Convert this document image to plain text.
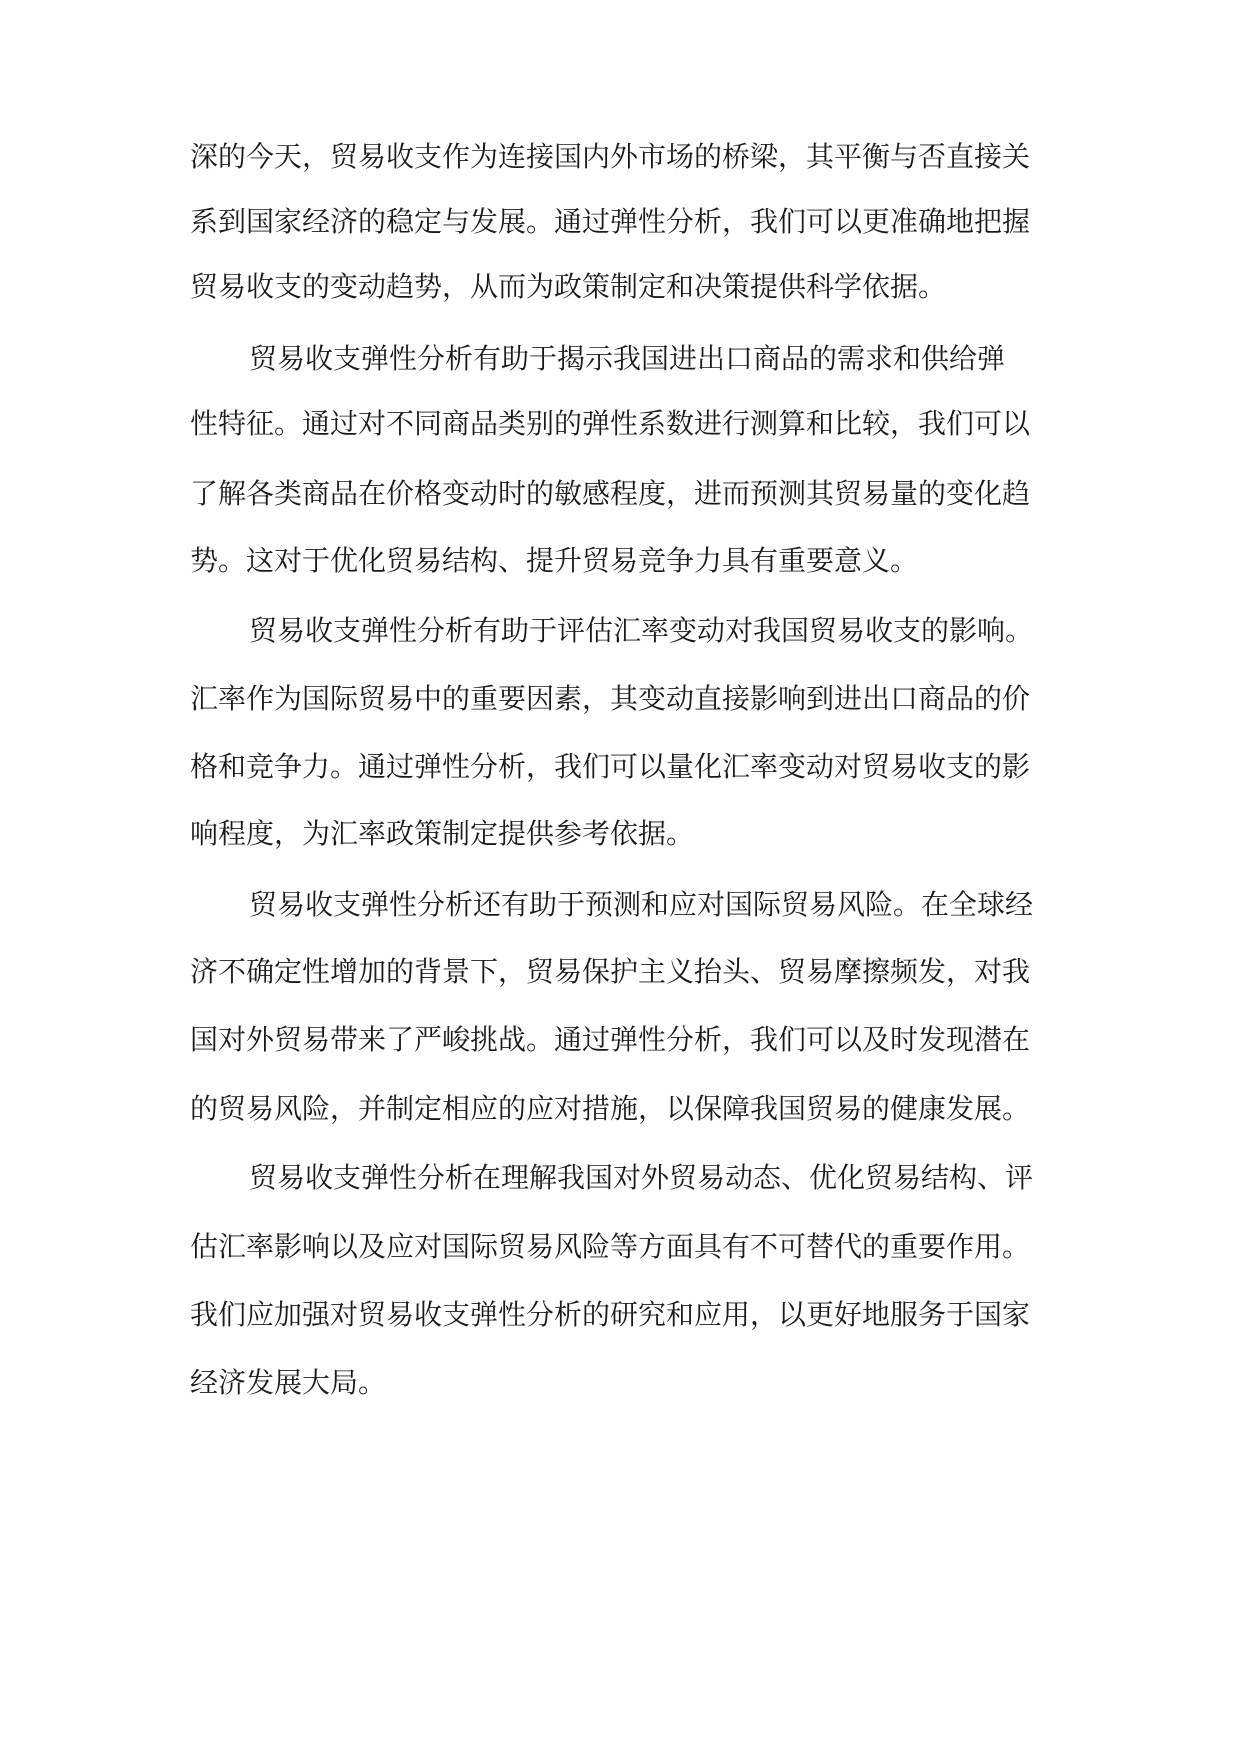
深的今天，贸易收支作为连接国内外市场的桥梁，其平衡与否直接关
系到国家经济的稳定与发展。通过弹性分析，我们可以更准确地把握
贸易收支的变动趋势，从而为政策制定和决策提供科学依据。
贸易收支弹性分析有助于揭示我国进出口商品的需求和供给弹
性特征。通过对不同商品类别的弹性系数进行测算和比较，我们可以
了解各类商品在价格变动时的敏感程度，进而预测其贸易量的变化趋
势。这对于优化贸易结构、提升贸易竞争力具有重要意义。
贸易收支弹性分析有助于评估汇率变动对我国贸易收支的影响。
汇率作为国际贸易中的重要因素，其变动直接影响到进出口商品的价
格和竞争力。通过弹性分析，我们可以量化汇率变动对贸易收支的影
响程度，为汇率政策制定提供参考依据。
贸易收支弹性分析还有助于预测和应对国际贸易风险。在全球经
济不确定性增加的背景下，贸易保护主义抬头、贸易摩擦频发，对我
国对外贸易带来了严峻挑战。通过弹性分析，我们可以及时发现潜在
的贸易风险，并制定相应的应对措施，以保障我国贸易的健康发展。
贸易收支弹性分析在理解我国对外贸易动态、优化贸易结构、评
估汇率影响以及应对国际贸易风险等方面具有不可替代的重要作用。
我们应加强对贸易收支弹性分析的研究和应用，以更好地服务于国家
经济发展大局。
